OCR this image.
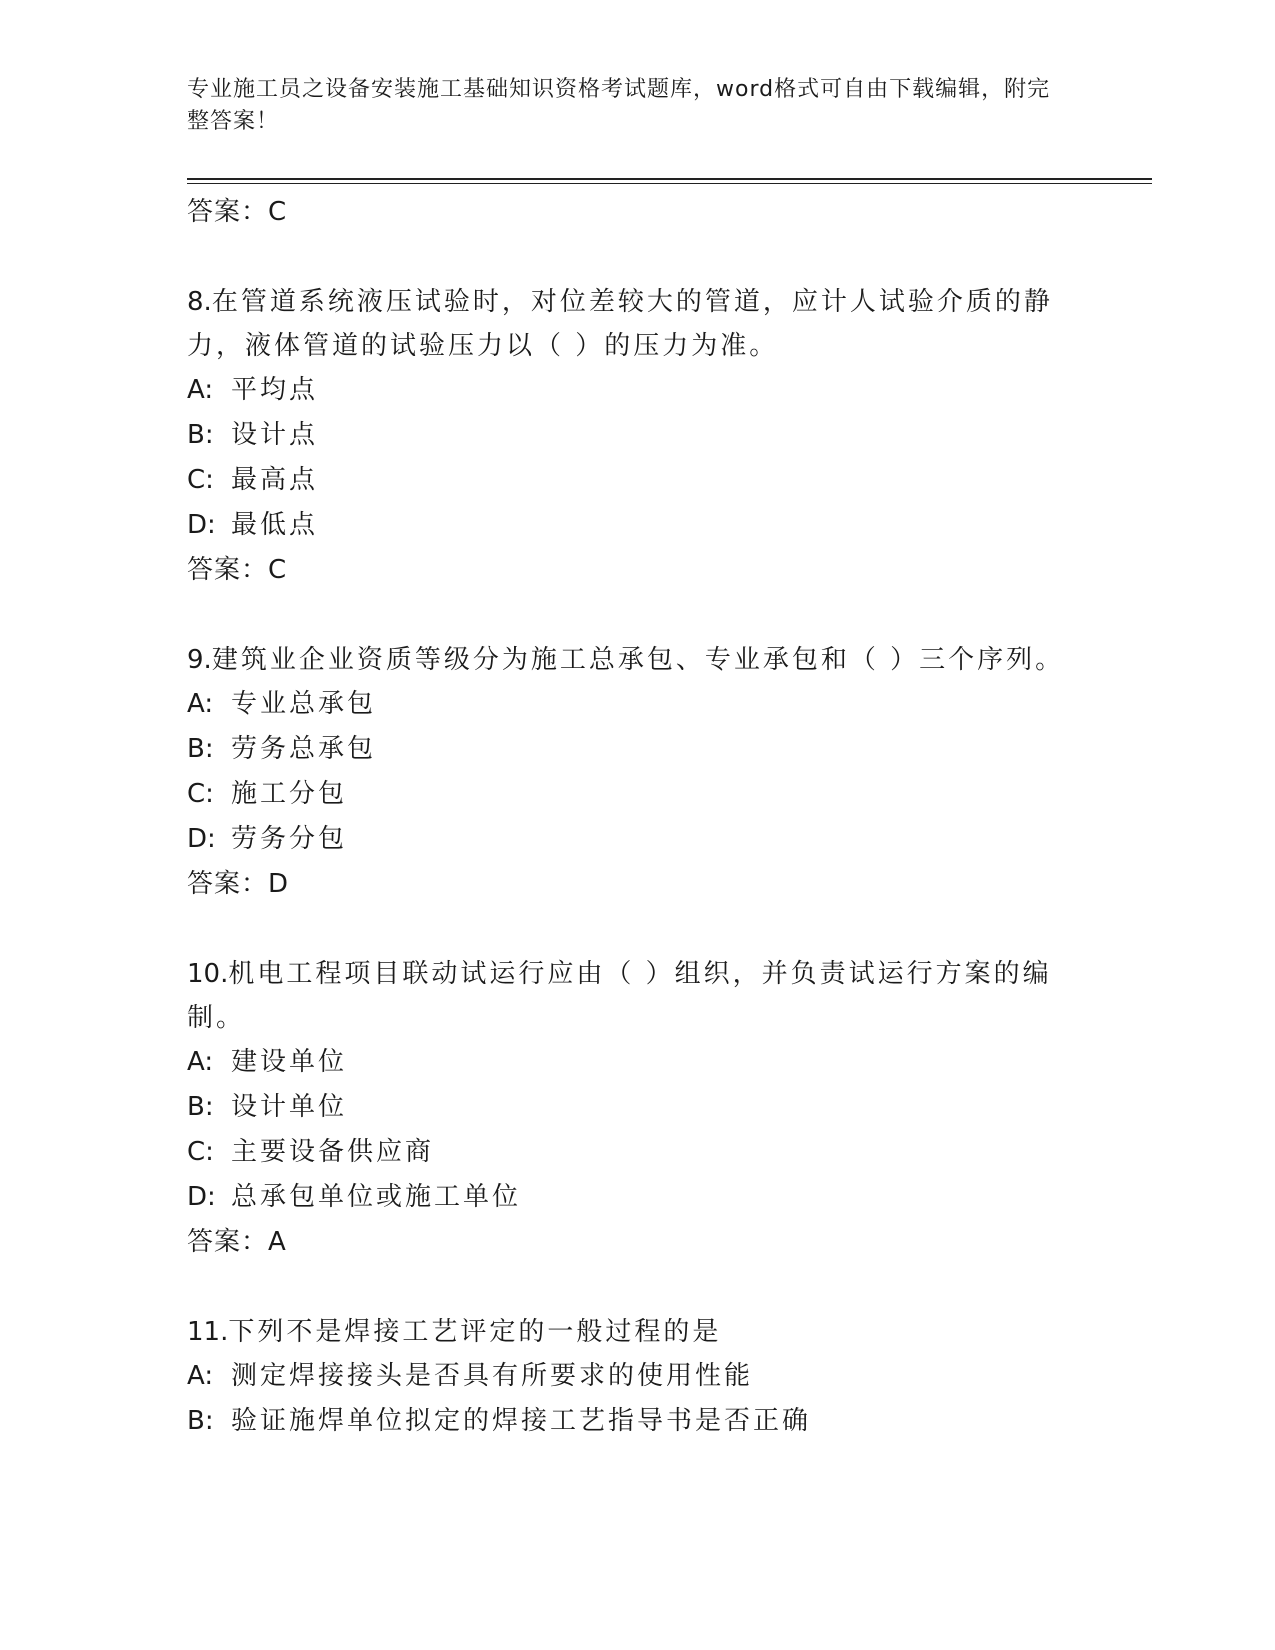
专业施工员之设备安装施工基础知识资格考试题库，word格式可自由下载编辑，附完整答案！
答案：C
8.在管道系统液压试验时，对位差较大的管道，应计人试验介质的静力，液体管道的试验压力以（ ）的压力为准。
A: 平均点
B: 设计点
C: 最高点
D: 最低点
答案：C
9.建筑业企业资质等级分为施工总承包、专业承包和（ ）三个序列。
A: 专业总承包
B: 劳务总承包
C: 施工分包
D: 劳务分包
答案：D
10.机电工程项目联动试运行应由（ ）组织，并负责试运行方案的编制。
A: 建设单位
B: 设计单位
C: 主要设备供应商
D: 总承包单位或施工单位
答案：A
11.下列不是焊接工艺评定的一般过程的是
A: 测定焊接接头是否具有所要求的使用性能
B: 验证施焊单位拟定的焊接工艺指导书是否正确
